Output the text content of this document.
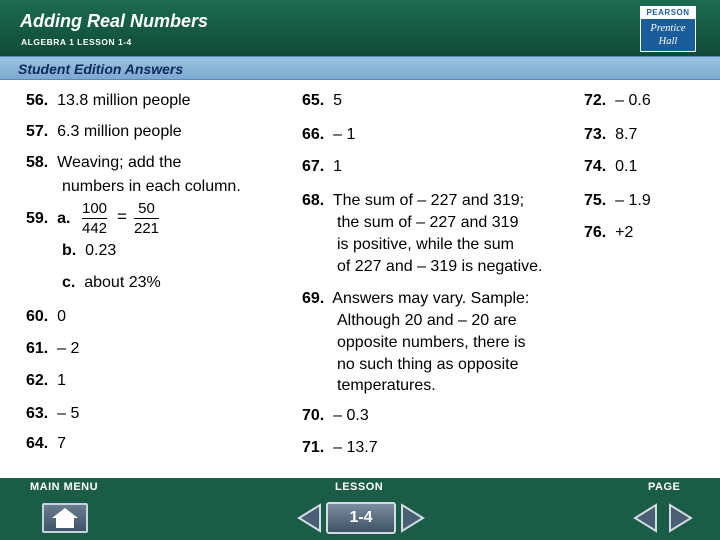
Adding Real Numbers
ALGEBRA 1 LESSON 1-4
PEARSON
Prentice
Hall
Student Edition Answers
56. 13.8 million people
57. 6.3 million people
58. Weaving; add the
numbers in each column.
59. a.
100
442
= 50
221
b. 0.23
c. about 23%
60. 0
61. – 2
62. 1
63. – 5
64. 7
65. 5
66. – 1
67. 1
68. The sum of – 227 and 319;
the sum of – 227 and 319
is positive, while the sum
of 227 and – 319 is negative.
69. Answers may vary. Sample:
Although 20 and – 20 are
opposite numbers, there is
no such thing as opposite
temperatures.
70. – 0.3
71. – 13.7
72. – 0.6
73. 8.7
74. 0.1
75. – 1.9
76. +2
MAIN MENU	LESSON	PAGE
1-4
